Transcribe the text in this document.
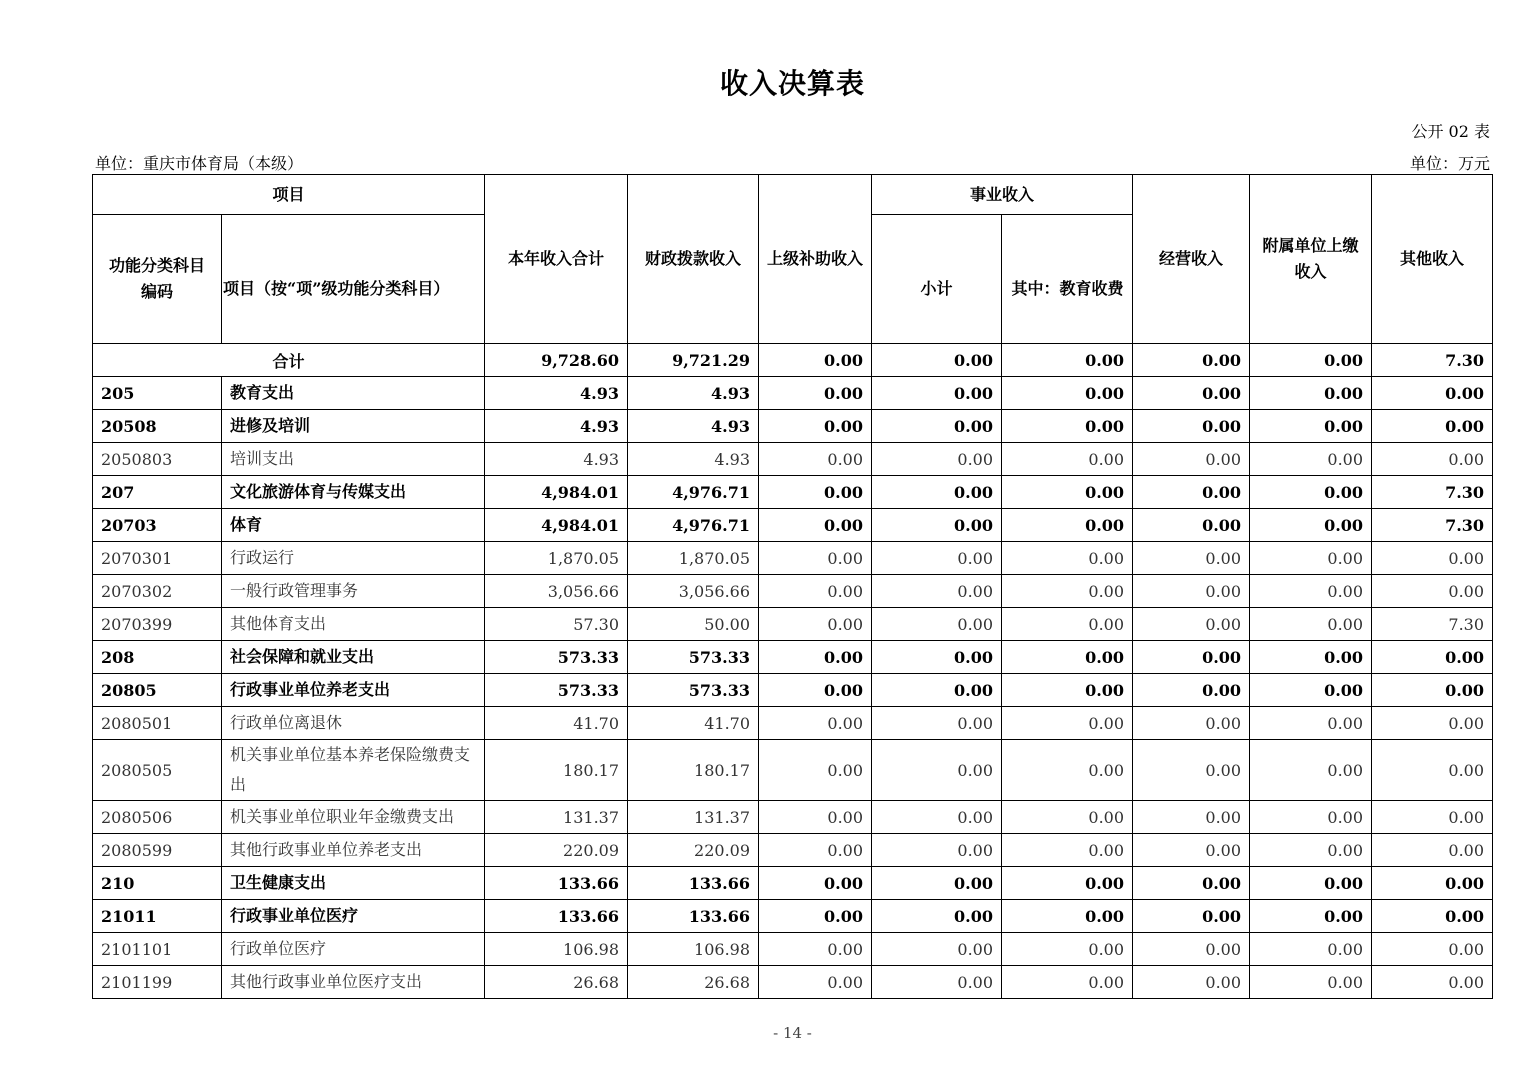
收入决算表
公开 02 表
单位：重庆市体育局（本级）	单位：万元
项目		本年收入合计	财政拨款收入	上级补助收入	事业收入		经营收入	附属单位上缴收入	其他收入
功能分类科目编码	项目（按“项”级功能分类科目）				小计	其中：教育收费			
合计		9,728.60	9,721.29	0.00	0.00	0.00	0.00	0.00	7.30
205	教育支出	4.93	4.93	0.00	0.00	0.00	0.00	0.00	0.00
20508	进修及培训	4.93	4.93	0.00	0.00	0.00	0.00	0.00	0.00
2050803	培训支出	4.93	4.93	0.00	0.00	0.00	0.00	0.00	0.00
207	文化旅游体育与传媒支出	4,984.01	4,976.71	0.00	0.00	0.00	0.00	0.00	7.30
20703	体育	4,984.01	4,976.71	0.00	0.00	0.00	0.00	0.00	7.30
2070301	行政运行	1,870.05	1,870.05	0.00	0.00	0.00	0.00	0.00	0.00
2070302	一般行政管理事务	3,056.66	3,056.66	0.00	0.00	0.00	0.00	0.00	0.00
2070399	其他体育支出	57.30	50.00	0.00	0.00	0.00	0.00	0.00	7.30
208	社会保障和就业支出	573.33	573.33	0.00	0.00	0.00	0.00	0.00	0.00
20805	行政事业单位养老支出	573.33	573.33	0.00	0.00	0.00	0.00	0.00	0.00
2080501	行政单位离退休	41.70	41.70	0.00	0.00	0.00	0.00	0.00	0.00
2080505	机关事业单位基本养老保险缴费支出	180.17	180.17	0.00	0.00	0.00	0.00	0.00	0.00
2080506	机关事业单位职业年金缴费支出	131.37	131.37	0.00	0.00	0.00	0.00	0.00	0.00
2080599	其他行政事业单位养老支出	220.09	220.09	0.00	0.00	0.00	0.00	0.00	0.00
210	卫生健康支出	133.66	133.66	0.00	0.00	0.00	0.00	0.00	0.00
21011	行政事业单位医疗	133.66	133.66	0.00	0.00	0.00	0.00	0.00	0.00
2101101	行政单位医疗	106.98	106.98	0.00	0.00	0.00	0.00	0.00	0.00
2101199	其他行政事业单位医疗支出	26.68	26.68	0.00	0.00	0.00	0.00	0.00	0.00
- 14 -
